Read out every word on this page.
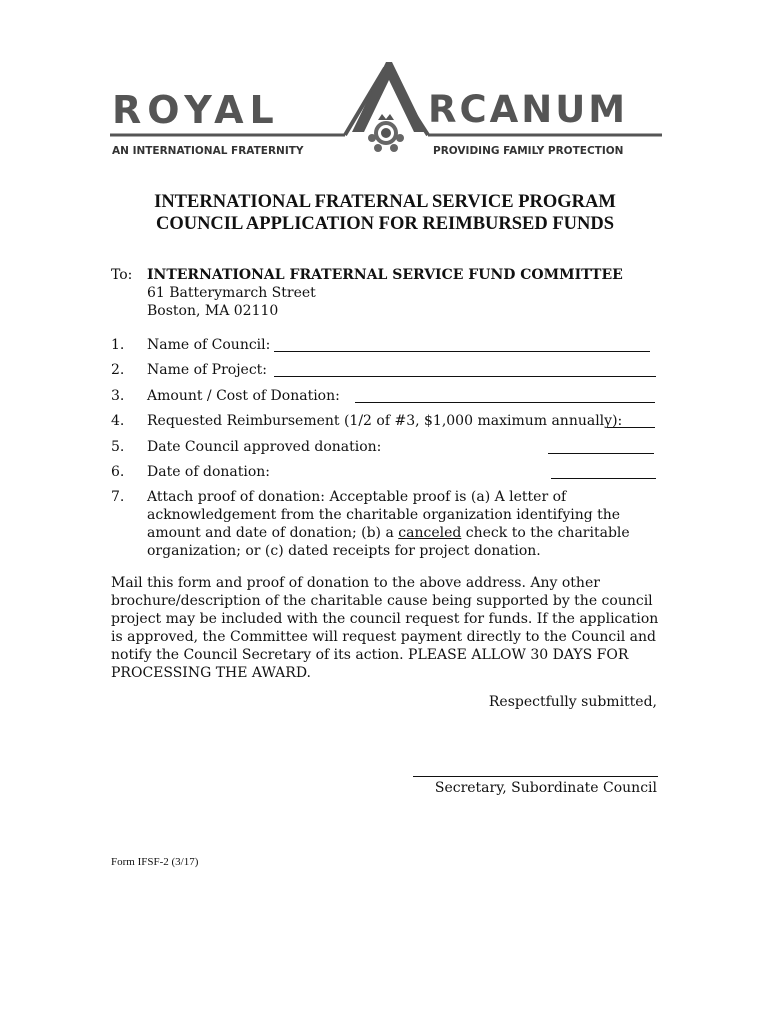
ROYAL	RCANUM
AN INTERNATIONAL FRATERNITY	PROVIDING FAMILY PROTECTION
INTERNATIONAL FRATERNAL SERVICE PROGRAM
COUNCIL APPLICATION FOR REIMBURSED FUNDS
To: INTERNATIONAL FRATERNAL SERVICE FUND COMMITTEE
61 Batterymarch Street
Boston, MA 02110
1. Name of Council:
2. Name of Project:
3. Amount / Cost of Donation:
4. Requested Reimbursement (1/2 of #3, $1,000 maximum annually):
5. Date Council approved donation:
6. Date of donation:
7. Attach proof of donation: Acceptable proof is (a) A letter of acknowledgement from the charitable organization identifying the amount and date of donation; (b) a canceled check to the charitable organization; or (c) dated receipts for project donation.
Mail this form and proof of donation to the above address. Any other brochure/description of the charitable cause being supported by the council project may be included with the council request for funds. If the application is approved, the Committee will request payment directly to the Council and notify the Council Secretary of its action. PLEASE ALLOW 30 DAYS FOR PROCESSING THE AWARD.
Respectfully submitted,
Secretary, Subordinate Council
Form IFSF-2 (3/17)
